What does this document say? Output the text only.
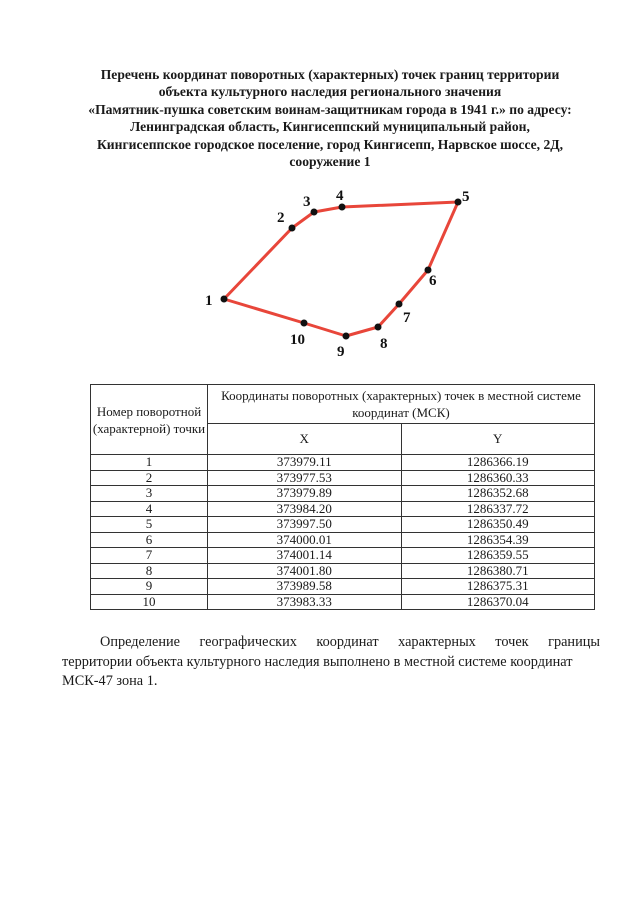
Перечень координат поворотных (характерных) точек границ территории
объекта культурного наследия регионального значения
«Памятник-пушка советским воинам-защитникам города в 1941 г.» по адресу:
Ленинградская область, Кингисеппский муниципальный район,
Кингисеппское городское поселение, город Кингисепп, Нарвское шоссе, 2Д,
сооружение 1
1
2
3 4	5
6
7
8
9
10
Номер поворотной (характерной) точки	Координаты поворотных (характерных) точек в местной системе координат (МСК)	
	X	Y
1	373979.11	1286366.19
2	373977.53	1286360.33
3	373979.89	1286352.68
4	373984.20	1286337.72
5	373997.50	1286350.49
6	374000.01	1286354.39
7	374001.14	1286359.55
8	374001.80	1286380.71
9	373989.58	1286375.31
10	373983.33	1286370.04

Определение географических координат характерных точек границы

территории объекта культурного наследия выполнено в местной системе координат

МСК-47 зона 1.
